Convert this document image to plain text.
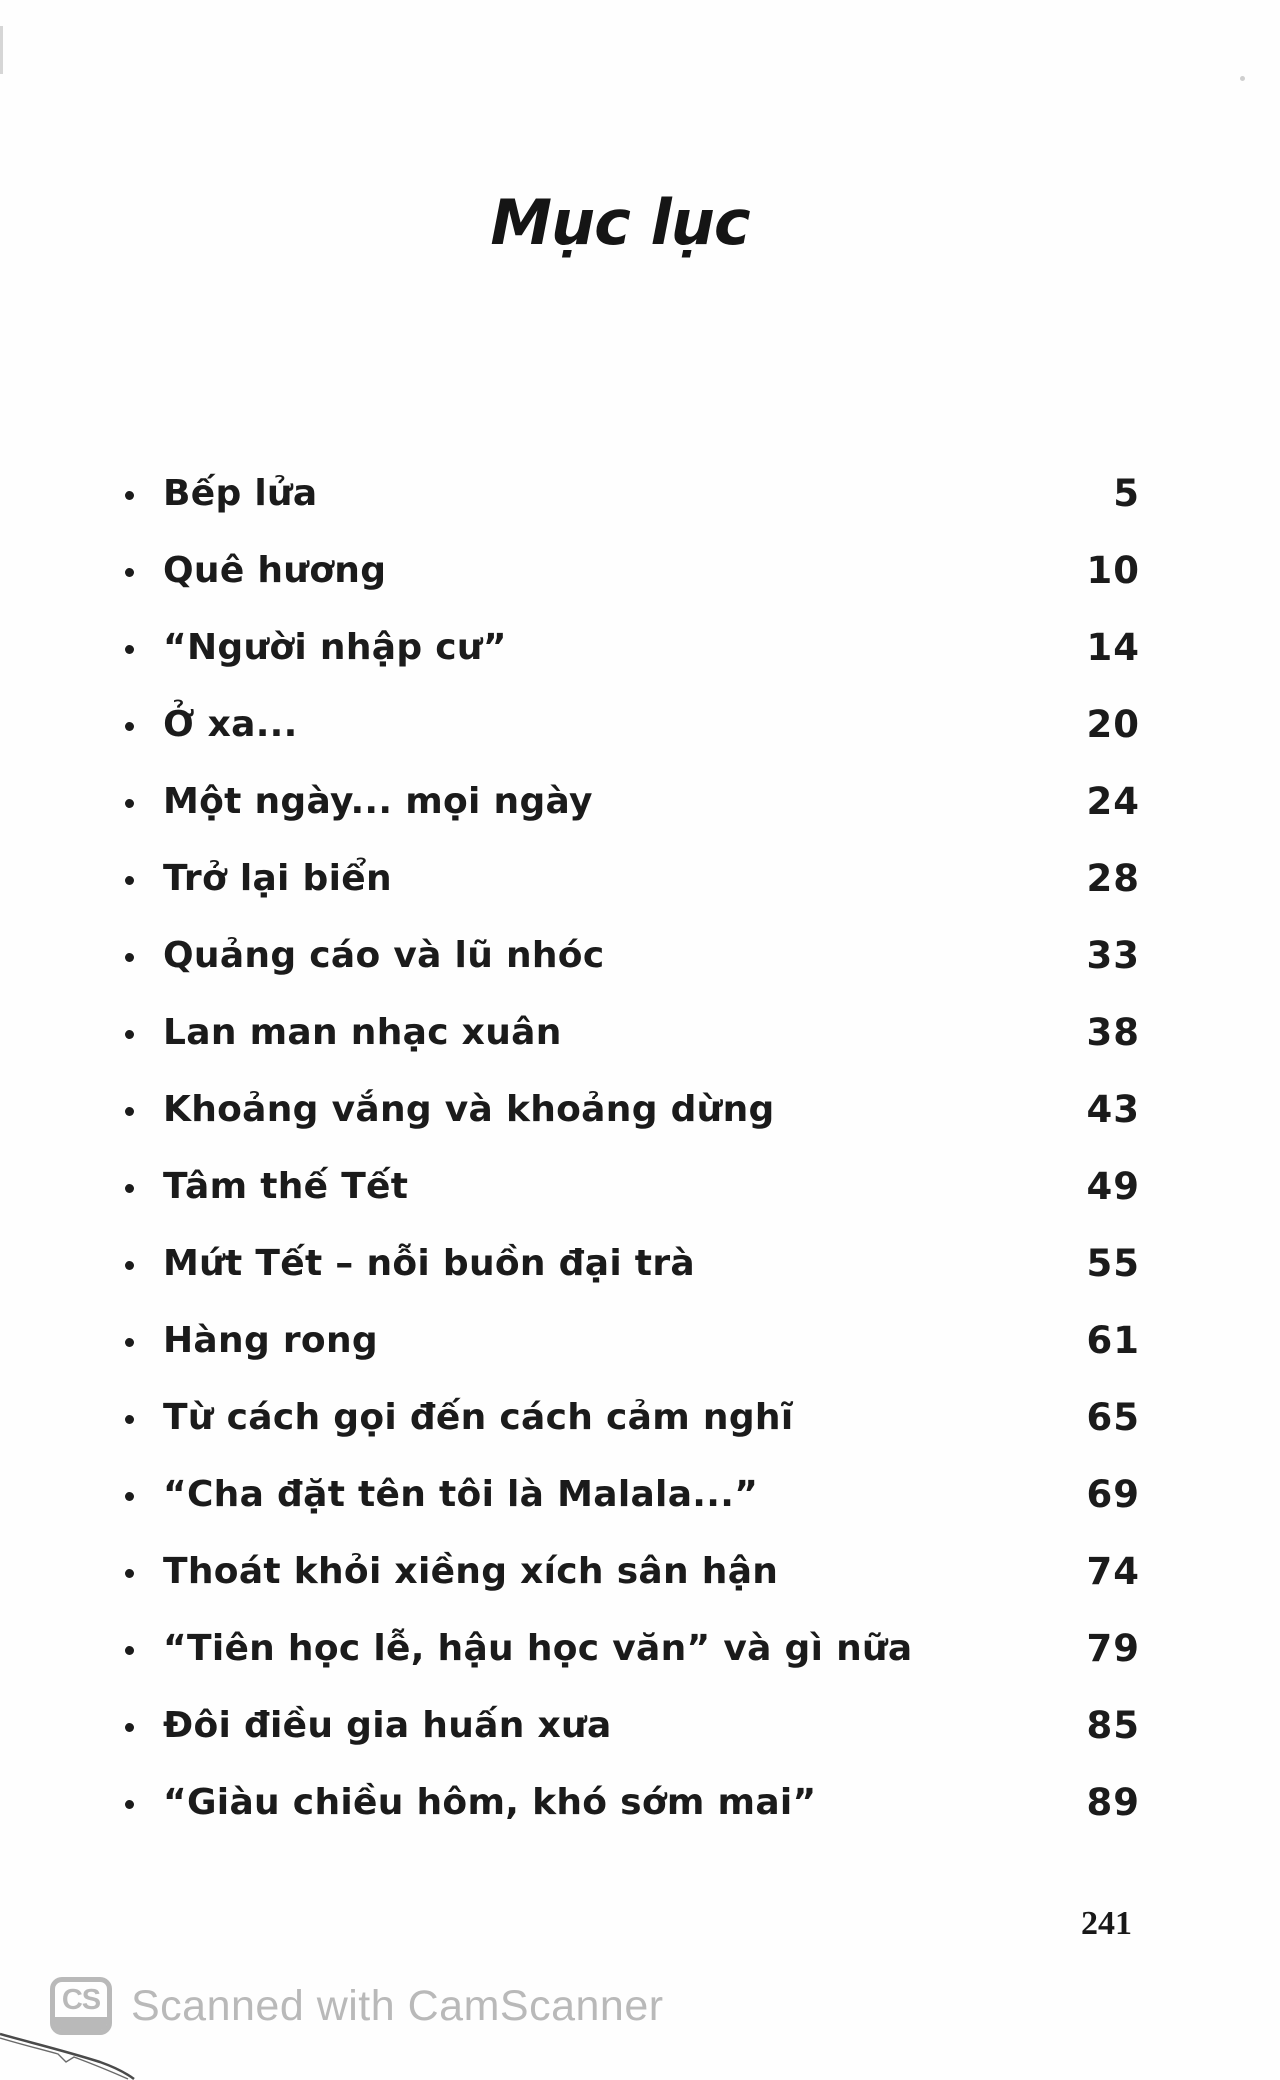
Mục lục
Bếp lửa	5
Quê hương	10
“Người nhập cư”	14
Ở xa...	20
Một ngày... mọi ngày	24
Trở lại biển	28
Quảng cáo và lũ nhóc	33
Lan man nhạc xuân	38
Khoảng vắng và khoảng dừng	43
Tâm thế Tết	49
Mứt Tết – nỗi buồn đại trà	55
Hàng rong	61
Từ cách gọi đến cách cảm nghĩ	65
“Cha đặt tên tôi là Malala...”	69
Thoát khỏi xiềng xích sân hận	74
“Tiên học lễ, hậu học văn” và gì nữa	79
Đôi điều gia huấn xưa	85
“Giàu chiều hôm, khó sớm mai”	89
241
CS Scanned with CamScanner
